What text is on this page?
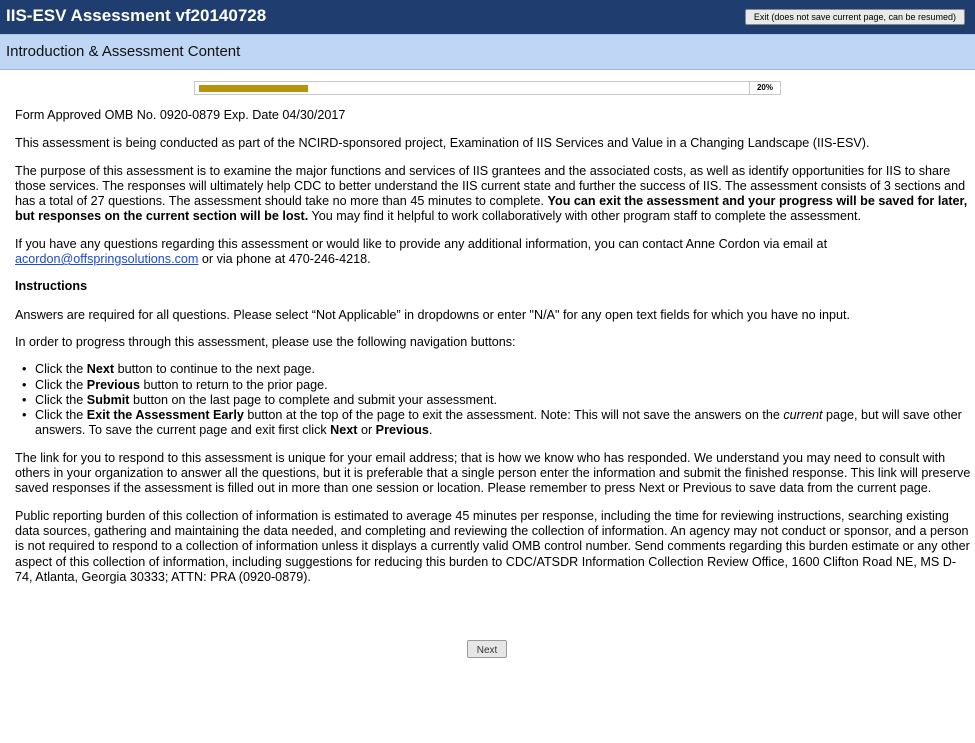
IIS-ESV Assessment vf20140728	Exit (does not save current page, can be resumed)
Introduction & Assessment Content
20%

Form Approved OMB No. 0920-0879 Exp. Date 04/30/2017

This assessment is being conducted as part of the NCIRD-sponsored project, Examination of IIS Services and Value in a Changing Landscape (IIS-ESV).

The purpose of this assessment is to examine the major functions and services of IIS grantees and the associated costs, as well as identify opportunities for IIS to share those services. The responses will ultimately help CDC to better understand the IIS current state and further the success of IIS. The assessment consists of 3 sections and has a total of 27 questions. The assessment should take no more than 45 minutes to complete. You can exit the assessment and your progress will be saved for later, but responses on the current section will be lost. You may find it helpful to work collaboratively with other program staff to complete the assessment.

If you have any questions regarding this assessment or would like to provide any additional information, you can contact Anne Cordon via email at acordon@offspringsolutions.com or via phone at 470-246-4218.

Instructions

Answers are required for all questions. Please select “Not Applicable” in dropdowns or enter "N/A" for any open text fields for which you have no input.

In order to progress through this assessment, please use the following navigation buttons:

• Click the Next button to continue to the next page.
• Click the Previous button to return to the prior page.
• Click the Submit button on the last page to complete and submit your assessment.
• Click the Exit the Assessment Early button at the top of the page to exit the assessment. Note: This will not save the answers on the current page, but will save other answers. To save the current page and exit first click Next or Previous.

The link for you to respond to this assessment is unique for your email address; that is how we know who has responded. We understand you may need to consult with others in your organization to answer all the questions, but it is preferable that a single person enter the information and submit the finished response. This link will preserve saved responses if the assessment is filled out in more than one session or location. Please remember to press Next or Previous to save data from the current page.

Public reporting burden of this collection of information is estimated to average 45 minutes per response, including the time for reviewing instructions, searching existing data sources, gathering and maintaining the data needed, and completing and reviewing the collection of information. An agency may not conduct or sponsor, and a person is not required to respond to a collection of information unless it displays a currently valid OMB control number. Send comments regarding this burden estimate or any other aspect of this collection of information, including suggestions for reducing this burden to CDC/ATSDR Information Collection Review Office, 1600 Clifton Road NE, MS D-74, Atlanta, Georgia 30333; ATTN: PRA (0920-0879).

Next
